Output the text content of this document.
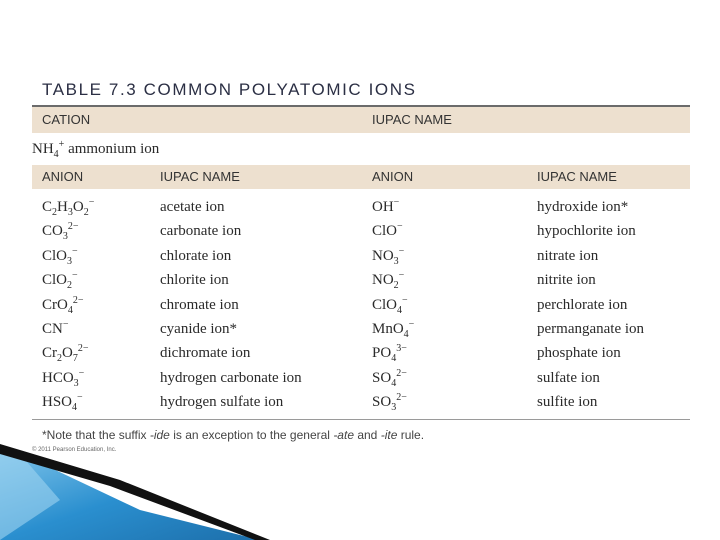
TABLE 7.3 COMMON POLYATOMIC IONS
CATION	IUPAC NAME
$NH_4^+$ ammonium ion
ANION	IUPAC NAME	ANION	IUPAC NAME
$C_2H_3O_2^-$	acetate ion	OH−	hydroxide ion*
$CO_3^{2-}$	carbonate ion	ClO−	hypochlorite ion
ClO$_3$−	chlorate ion	$NO_3^-$	nitrate ion
ClO$_2$−	chlorite ion	$NO_2^-$	nitrite ion
CrO$_4^{2-}$	chromate ion	ClO$_4$−	perchlorate ion
CN−	cyanide ion*	MnO$_4$−	permanganate ion
$Cr_2O_7^{2-}$	dichromate ion	$PO_4^{3-}$	phosphate ion
$HCO_3^-$	hydrogen carbonate ion	$SO_4^{2-}$	sulfate ion
$HSO_4^-$	hydrogen sulfate ion	$SO_3^{2-}$	sulfite ion
*Note that the suffix -ide is an exception to the general -ate and -ite rule.
© 2011 Pearson Education, Inc.
